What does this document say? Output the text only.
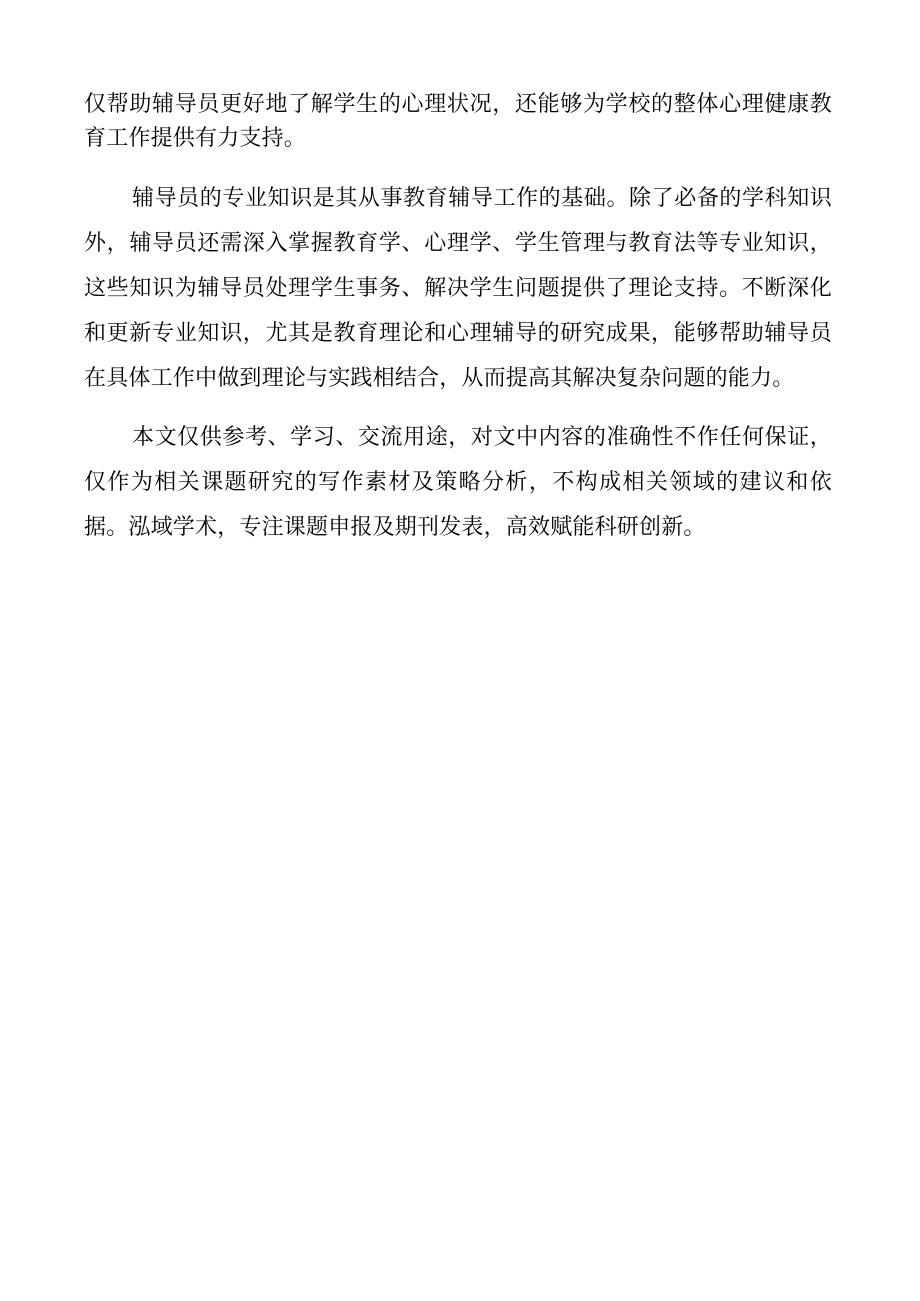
仅帮助辅导员更好地了解学生的心理状况，还能够为学校的整体心理健康教育工作提供有力支持。

辅导员的专业知识是其从事教育辅导工作的基础。除了必备的学科知识外，辅导员还需深入掌握教育学、心理学、学生管理与教育法等专业知识，这些知识为辅导员处理学生事务、解决学生问题提供了理论支持。不断深化和更新专业知识，尤其是教育理论和心理辅导的研究成果，能够帮助辅导员在具体工作中做到理论与实践相结合，从而提高其解决复杂问题的能力。

本文仅供参考、学习、交流用途，对文中内容的准确性不作任何保证，仅作为相关课题研究的写作素材及策略分析，不构成相关领域的建议和依据。泓域学术，专注课题申报及期刊发表，高效赋能科研创新。
